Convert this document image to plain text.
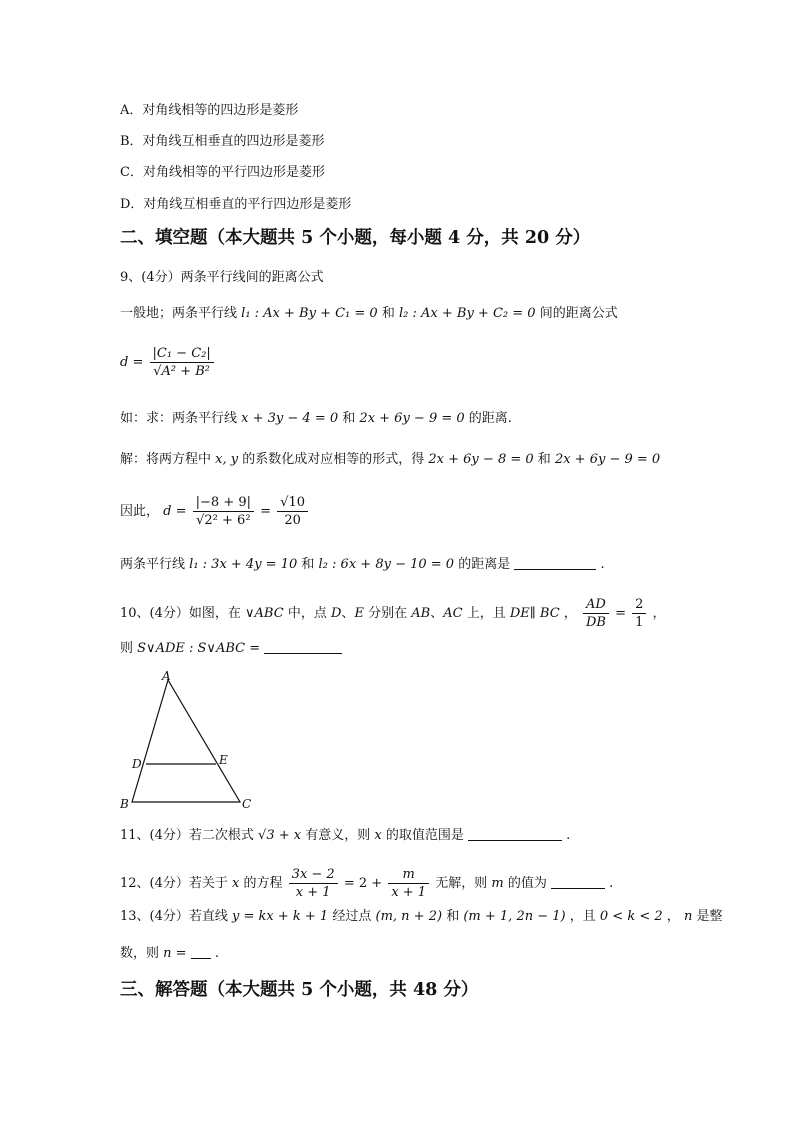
A．对角线相等的四边形是菱形
B．对角线互相垂直的四边形是菱形
C．对角线相等的平行四边形是菱形
D．对角线互相垂直的平行四边形是菱形
二、填空题（本大题共 5 个小题，每小题 4 分，共 20 分）
9、(4分）两条平行线间的距离公式
一般地；两条平行线 l₁ : Ax + By + C₁ = 0 和 l₂ : Ax + By + C₂ = 0 间的距离公式
$d = \frac{\text{|C₁ − C₂|}}{\text{√A² + B²}}$
如：求：两条平行线 x + 3y − 4 = 0 和 2x + 6y − 9 = 0 的距离.
解：将两方程中 x, y 的系数化成对应相等的形式，得 2x + 6y − 8 = 0 和 2x + 6y − 9 = 0
因此， $d = \frac{|-8 + 9|}{\text{√2² + 6²}} = \frac{√10}{20}$
两条平行线 l₁ : 3x + 4y = 10 和 l₂ : 6x + 8y − 10 = 0 的距离是	.
10、(4分）如图，在 ∨ABC 中，点 D、E 分别在 AB、AC 上，且 DE∥ BC ， $\frac{AD}{DB} = \frac{2}{1}$ ，
则 S∨ADE : S∨ABC =
A
B	C
D	E
11、(4分）若二次根式 √3 + x 有意义，则 x 的取值范围是	.
12、(4分）若关于 x 的方程 $\frac{3x - 2}{x + 1} = 2 + \frac{m}{x + 1}$ 无解，则 m 的值为	.
13、(4分）若直线 y = kx + k + 1 经过点 (m, n + 2) 和 (m + 1, 2n − 1) ，且 0 < k < 2 ， n 是整
数，则 n = .
三、解答题（本大题共 5 个小题，共 48 分）
